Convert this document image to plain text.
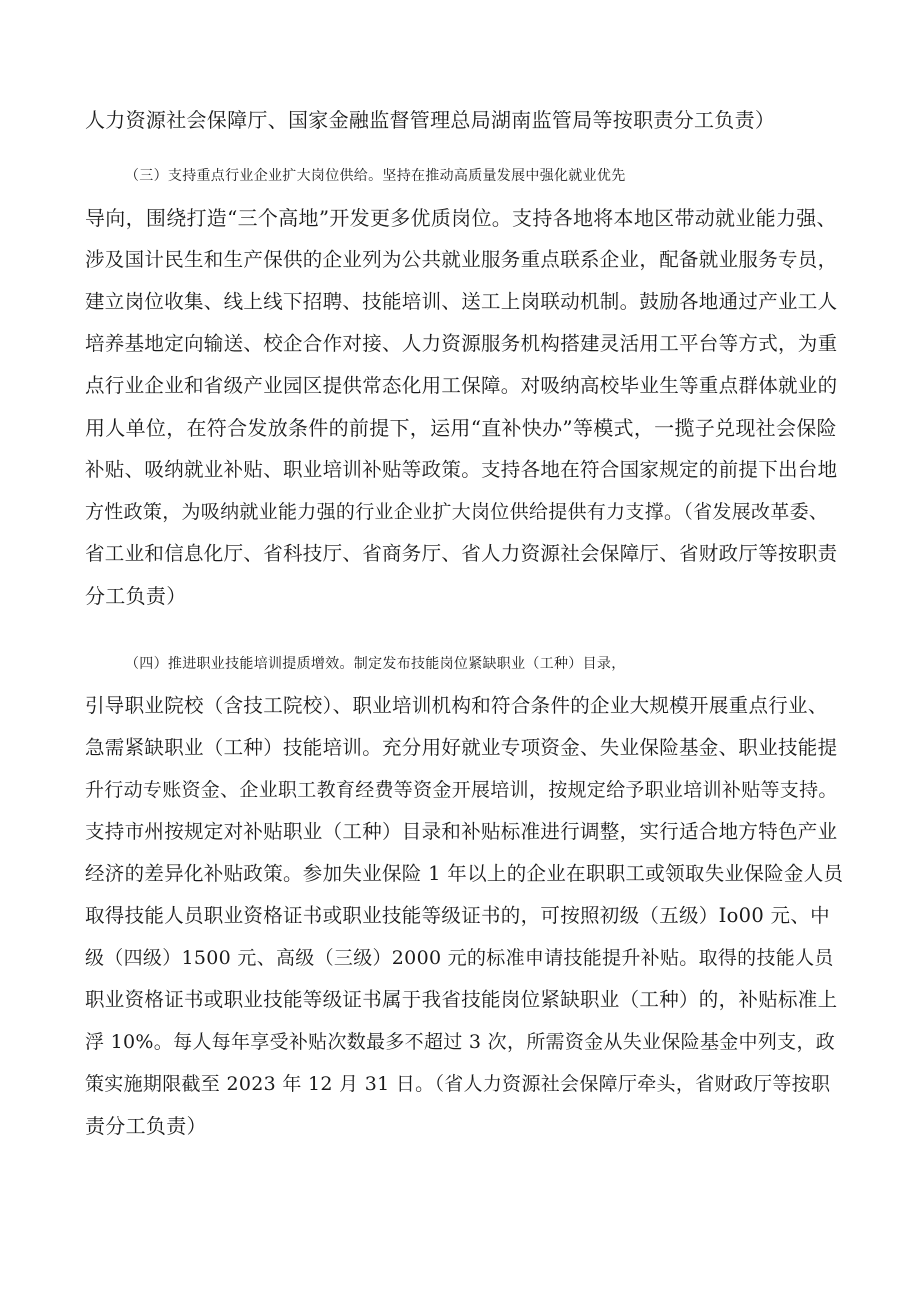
人力资源社会保障厅、国家金融监督管理总局湖南监管局等按职责分工负责）
（三）支持重点行业企业扩大岗位供给。坚持在推动高质量发展中强化就业优先
导向，围绕打造“三个高地”开发更多优质岗位。支持各地将本地区带动就业能力强、
涉及国计民生和生产保供的企业列为公共就业服务重点联系企业，配备就业服务专员，
建立岗位收集、线上线下招聘、技能培训、送工上岗联动机制。鼓励各地通过产业工人
培养基地定向输送、校企合作对接、人力资源服务机构搭建灵活用工平台等方式，为重
点行业企业和省级产业园区提供常态化用工保障。对吸纳高校毕业生等重点群体就业的
用人单位，在符合发放条件的前提下，运用“直补快办”等模式，一揽子兑现社会保险
补贴、吸纳就业补贴、职业培训补贴等政策。支持各地在符合国家规定的前提下出台地
方性政策，为吸纳就业能力强的行业企业扩大岗位供给提供有力支撑。（省发展改革委、
省工业和信息化厅、省科技厅、省商务厅、省人力资源社会保障厅、省财政厅等按职责
分工负责）
（四）推进职业技能培训提质增效。制定发布技能岗位紧缺职业（工种）目录，
引导职业院校（含技工院校）、职业培训机构和符合条件的企业大规模开展重点行业、
急需紧缺职业（工种）技能培训。充分用好就业专项资金、失业保险基金、职业技能提
升行动专账资金、企业职工教育经费等资金开展培训，按规定给予职业培训补贴等支持。
支持市州按规定对补贴职业（工种）目录和补贴标准进行调整，实行适合地方特色产业
经济的差异化补贴政策。参加失业保险 1 年以上的企业在职职工或领取失业保险金人员
取得技能人员职业资格证书或职业技能等级证书的，可按照初级（五级）Io00 元、中
级（四级）1500 元、高级（三级）2000 元的标准申请技能提升补贴。取得的技能人员
职业资格证书或职业技能等级证书属于我省技能岗位紧缺职业（工种）的，补贴标准上
浮 10%。每人每年享受补贴次数最多不超过 3 次，所需资金从失业保险基金中列支，政
策实施期限截至 2023 年 12 月 31 日。（省人力资源社会保障厅牵头，省财政厅等按职
责分工负责）
